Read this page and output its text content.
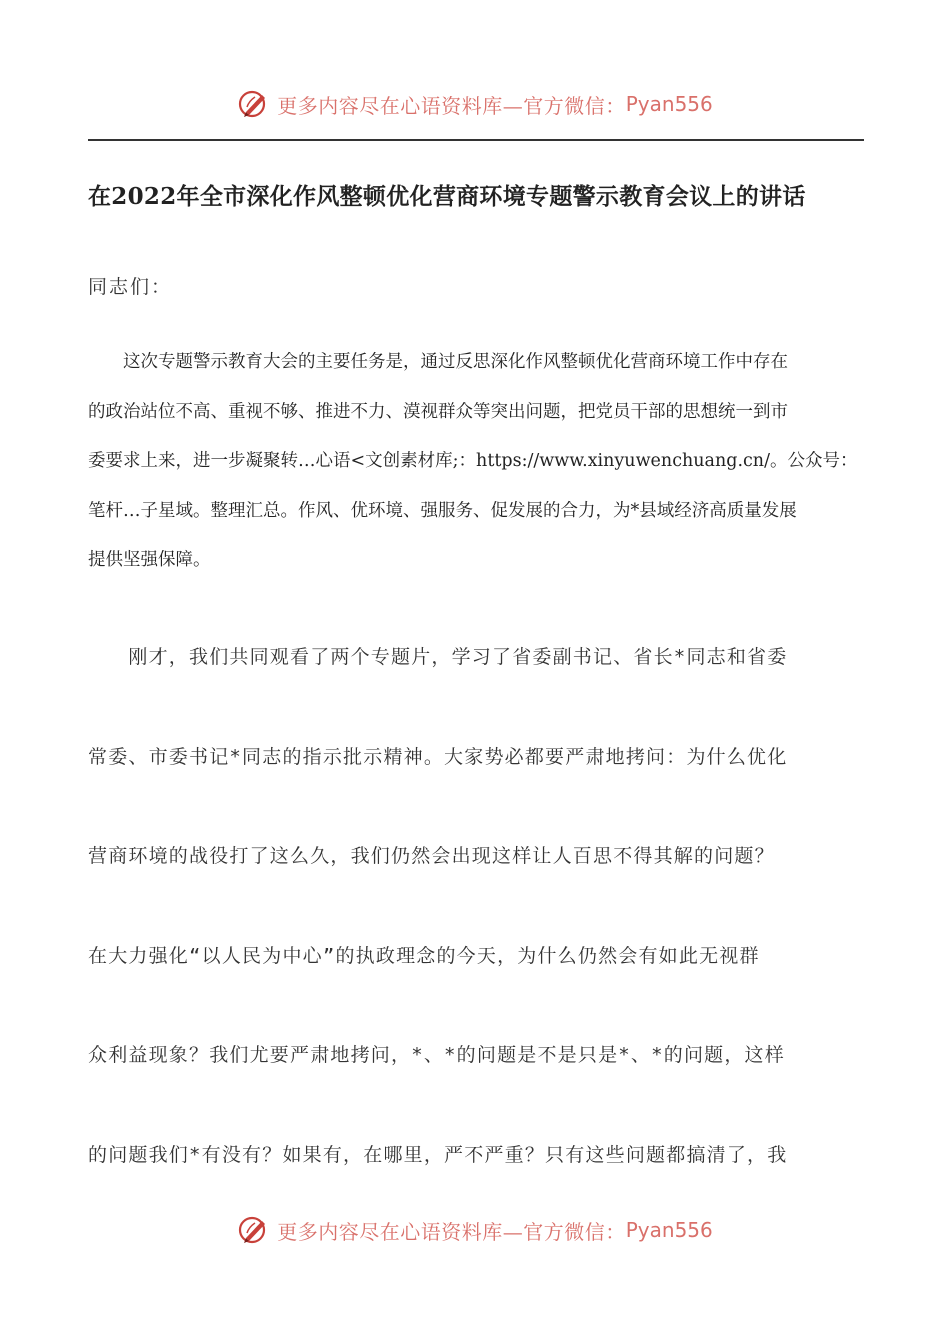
更多内容尽在心语资料库—官方微信： Pyan556
在2022年全市深化作风整顿优化营商环境专题警示教育会议上的讲话
同志们：
　　这次专题警示教育大会的主要任务是，通过反思深化作风整顿优化营商环境工作中存在
的政治站位不高、重视不够、推进不力、漠视群众等突出问题，把党员干部的思想统一到市
委要求上来，进一步凝聚转…心语<文创素材库;：https://www.xinyuwenchuang.cn/。公众号：
笔杆…子星域。整理汇总。作风、优环境、强服务、促发展的合力，为*县域经济高质量发展
提供坚强保障。
　　刚才，我们共同观看了两个专题片，学习了省委副书记、省长*同志和省委
常委、市委书记*同志的指示批示精神。大家势必都要严肃地拷问：为什么优化
营商环境的战役打了这么久，我们仍然会出现这样让人百思不得其解的问题？
在大力强化“以人民为中心”的执政理念的今天，为什么仍然会有如此无视群
众利益现象？我们尤要严肃地拷问，*、*的问题是不是只是*、*的问题，这样
的问题我们*有没有？如果有，在哪里，严不严重？只有这些问题都搞清了，我
更多内容尽在心语资料库—官方微信： Pyan556
